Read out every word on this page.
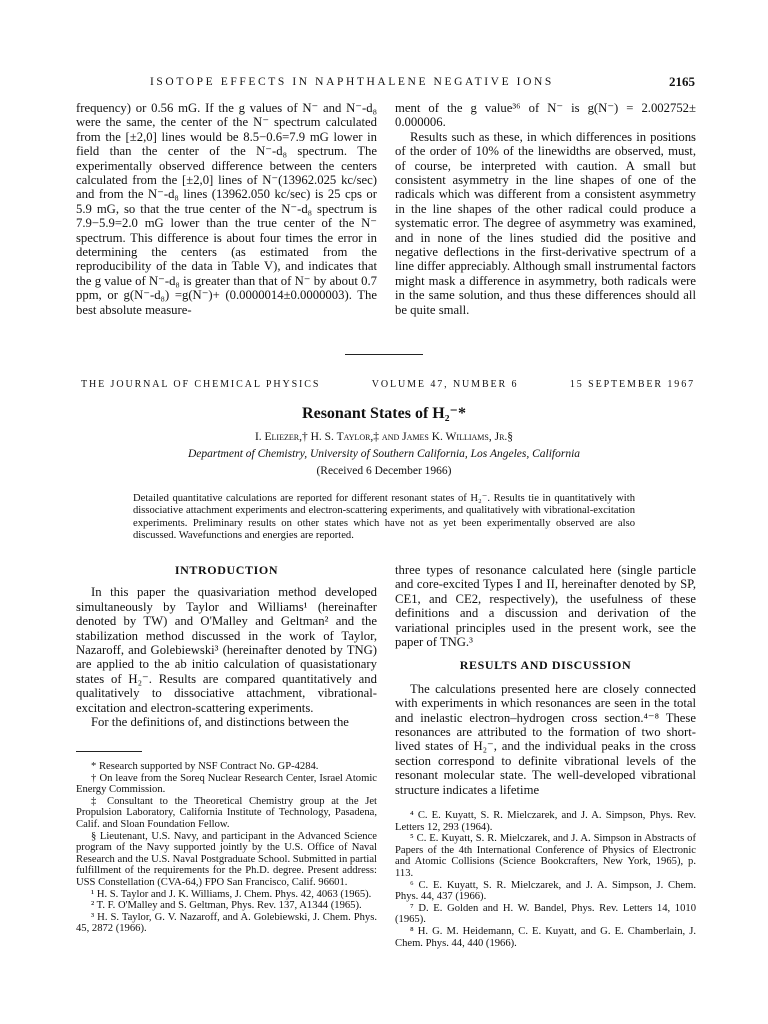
ISOTOPE EFFECTS IN NAPHTHALENE NEGATIVE IONS	2165

frequency) or 0.56 mG. If the g values of N⁻ and N⁻-d₈ were the same, the center of the N⁻ spectrum calculated from the [±2,0] lines would be 8.5−0.6=7.9 mG lower in field than the center of the N⁻-d₈ spectrum. The experimentally observed difference between the centers calculated from the [±2,0] lines of N⁻(13962.025 kc/sec) and from the N⁻-d₈ lines (13962.050 kc/sec) is 25 cps or 5.9 mG, so that the true center of the N⁻-d₈ spectrum is 7.9−5.9=2.0 mG lower than the true center of the N⁻ spectrum. This difference is about four times the error in determining the centers (as estimated from the reproducibility of the data in Table V), and indicates that the g value of N⁻-d₈ is greater than that of N⁻ by about 0.7 ppm, or g(N⁻-d₈) =g(N⁻)+ (0.0000014±0.0000003). The best absolute measure-

ment of the g value³⁶ of N⁻ is g(N⁻) = 2.002752± 0.000006.

Results such as these, in which differences in positions of the order of 10% of the linewidths are observed, must, of course, be interpreted with caution. A small but consistent asymmetry in the line shapes of one of the radicals which was different from a consistent asymmetry in the line shapes of the other radical could produce a systematic error. The degree of asymmetry was examined, and in none of the lines studied did the positive and negative deflections in the first-derivative spectrum of a line differ appreciably. Although small instrumental factors might mask a difference in asymmetry, both radicals were in the same solution, and thus these differences should all be quite small.

THE JOURNAL OF CHEMICAL PHYSICS	VOLUME 47, NUMBER 6	15 SEPTEMBER 1967
Resonant States of H₂⁻*
I. Eliezer,† H. S. Taylor,‡ and James K. Williams, Jr.§
Department of Chemistry, University of Southern California, Los Angeles, California
(Received 6 December 1966)
Detailed quantitative calculations are reported for different resonant states of H₂⁻. Results tie in quantitatively with dissociative attachment experiments and electron-scattering experiments, and qualitatively with vibrational-excitation experiments. Preliminary results on other states which have not as yet been experimentally observed are also discussed. Wavefunctions and energies are reported.

INTRODUCTION

In this paper the quasivariation method developed simultaneously by Taylor and Williams¹ (hereinafter denoted by TW) and O'Malley and Geltman² and the stabilization method discussed in the work of Taylor, Nazaroff, and Golebiewski³ (hereinafter denoted by TNG) are applied to the ab initio calculation of quasistationary states of H₂⁻. Results are compared quantitatively and qualitatively to dissociative attachment, vibrational-excitation and electron-scattering experiments.

For the definitions of, and distinctions between the

* Research supported by NSF Contract No. GP-4284.

† On leave from the Soreq Nuclear Research Center, Israel Atomic Energy Commission.

‡ Consultant to the Theoretical Chemistry group at the Jet Propulsion Laboratory, California Institute of Technology, Pasadena, Calif. and Sloan Foundation Fellow.

§ Lieutenant, U.S. Navy, and participant in the Advanced Science program of the Navy supported jointly by the U.S. Office of Naval Research and the U.S. Naval Postgraduate School. Submitted in partial fulfillment of the requirements for the Ph.D. degree. Present address: USS Constellation (CVA-64,) FPO San Francisco, Calif. 96601.

¹ H. S. Taylor and J. K. Williams, J. Chem. Phys. 42, 4063 (1965).

² T. F. O'Malley and S. Geltman, Phys. Rev. 137, A1344 (1965).

³ H. S. Taylor, G. V. Nazaroff, and A. Golebiewski, J. Chem. Phys. 45, 2872 (1966).

three types of resonance calculated here (single particle and core-excited Types I and II, hereinafter denoted by SP, CE1, and CE2, respectively), the usefulness of these definitions and a discussion and derivation of the variational principles used in the present work, see the paper of TNG.³

RESULTS AND DISCUSSION

The calculations presented here are closely connected with experiments in which resonances are seen in the total and inelastic electron–hydrogen cross section.⁴⁻⁸ These resonances are attributed to the formation of two short-lived states of H₂⁻, and the individual peaks in the cross section correspond to definite vibrational levels of the resonant molecular state. The well-developed vibrational structure indicates a lifetime

⁴ C. E. Kuyatt, S. R. Mielczarek, and J. A. Simpson, Phys. Rev. Letters 12, 293 (1964).

⁵ C. E. Kuyatt, S. R. Mielczarek, and J. A. Simpson in Abstracts of Papers of the 4th International Conference of Physics of Electronic and Atomic Collisions (Science Bookcrafters, New York, 1965), p. 113.

⁶ C. E. Kuyatt, S. R. Mielczarek, and J. A. Simpson, J. Chem. Phys. 44, 437 (1966).

⁷ D. E. Golden and H. W. Bandel, Phys. Rev. Letters 14, 1010 (1965).

⁸ H. G. M. Heidemann, C. E. Kuyatt, and G. E. Chamberlain, J. Chem. Phys. 44, 440 (1966).
